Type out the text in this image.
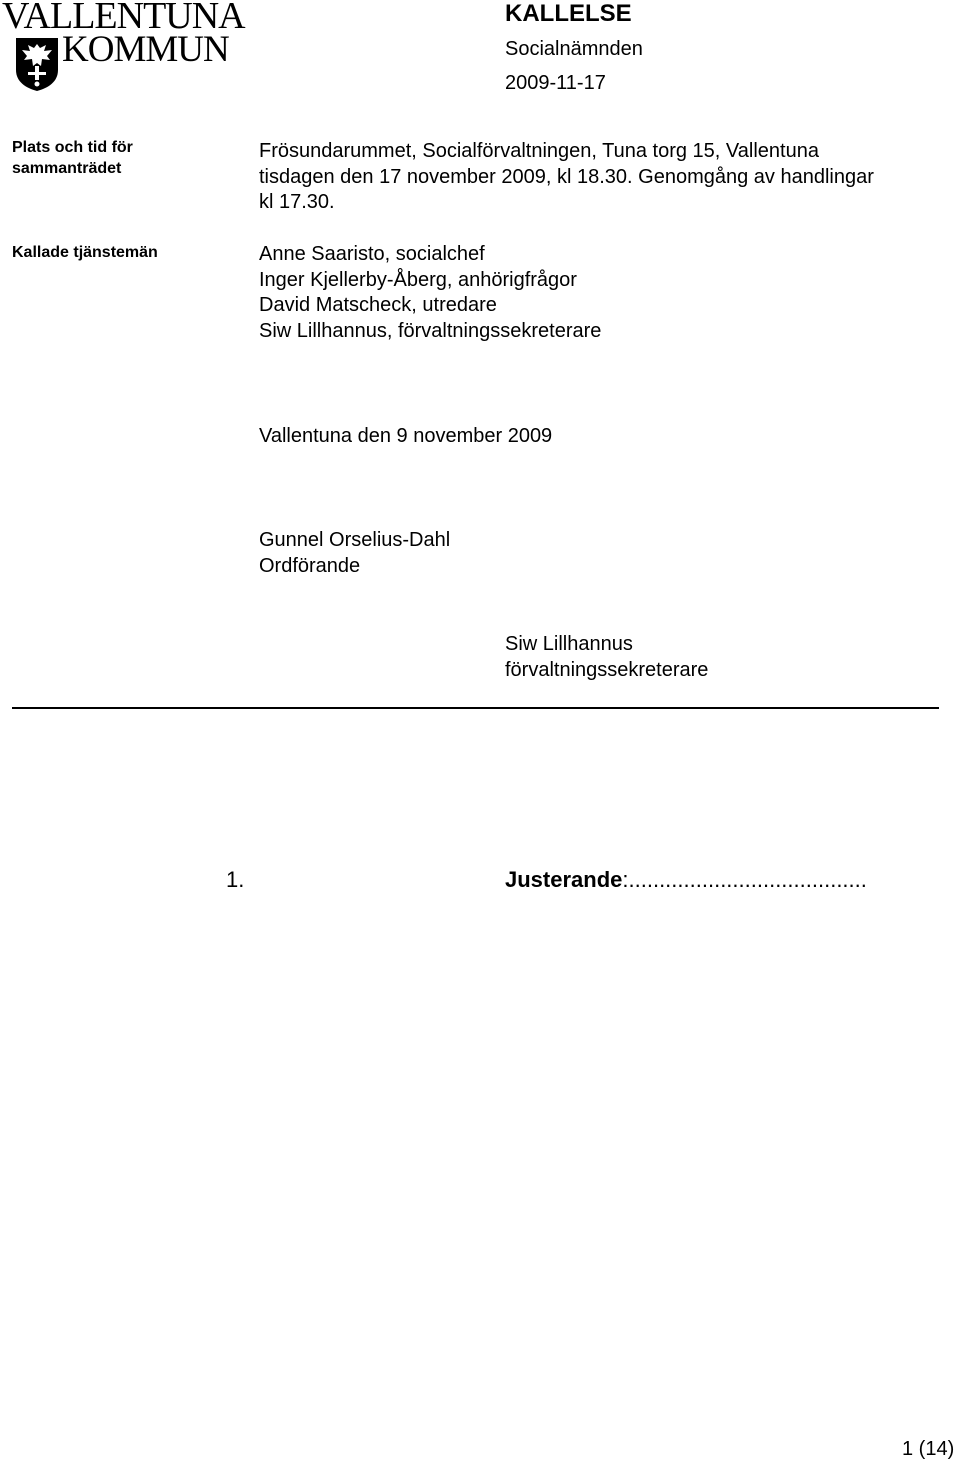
VALLENTUNA
KOMMUN
KALLELSE
Socialnämnden
2009-11-17
Plats och tid för sammanträdet
Frösundarummet, Socialförvaltningen, Tuna torg 15, Vallentuna
tisdagen den 17 november 2009, kl 18.30. Genomgång av handlingar
kl 17.30.
Kallade tjänstemän	Anne Saaristo, socialchef
Inger Kjellerby-Åberg, anhörigfrågor
David Matscheck, utredare
Siw Lillhannus, förvaltningssekreterare
Vallentuna den 9 november 2009
Gunnel Orselius-Dahl
Ordförande
Siw Lillhannus
förvaltningssekreterare
1.	Justerande:.......................................
1 (14)
